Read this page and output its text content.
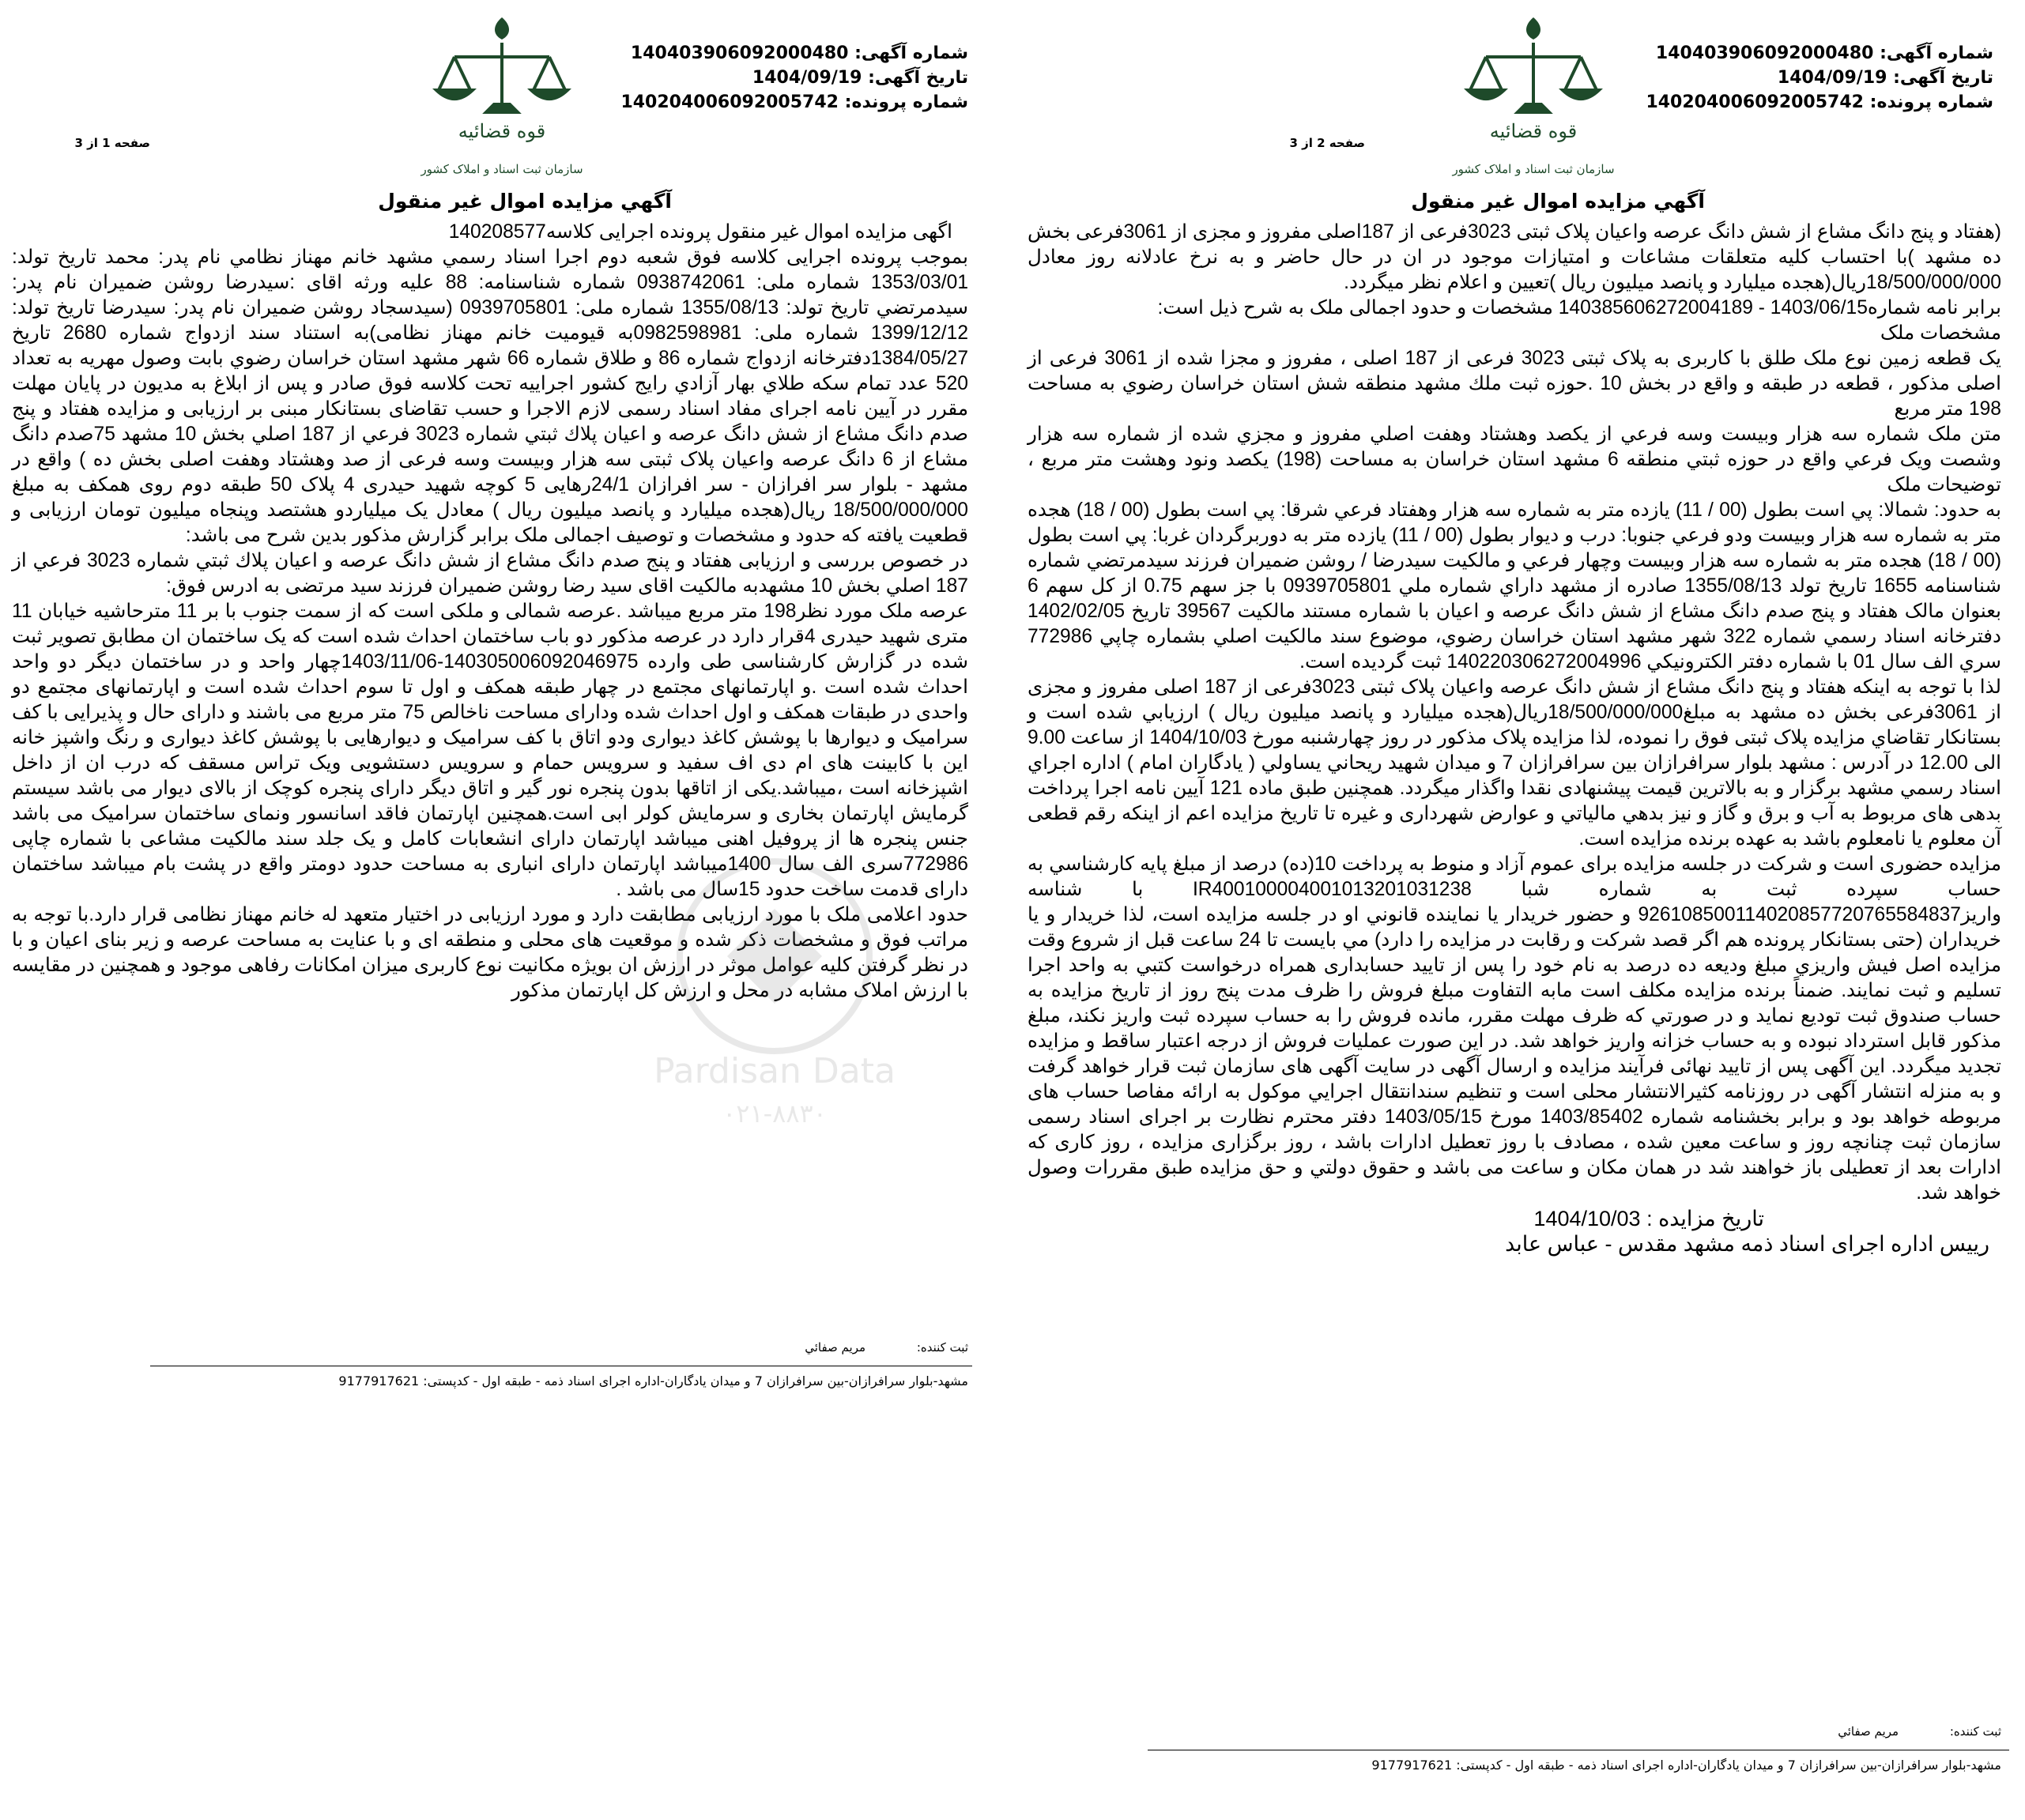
شماره آگهی: 140403906092000480
تاریخ آگهی: 1404/09/19
شماره پرونده: 140204006092005742
قوه قضائیه
سازمان ثبت اسناد و املاک کشور
صفحه 2 از 3
آگهي مزايده اموال غير منقول

(هفتاد و پنج دانگ مشاع از شش دانگ عرصه واعیان پلاک ثبتی 3023فرعی از 187اصلی مفروز و مجزی از 3061فرعی بخش ده مشهد )با احتساب کلیه متعلقات مشاعات و امتیازات موجود در ان در حال حاضر و به نرخ عادلانه روز معادل 18/500/000/000ریال(هجده میلیارد و پانصد میلیون ریال )تعیین و اعلام نظر میگردد.

برابر نامه شماره14038560627200418‎9 - 1403/06/15 مشخصات و حدود اجمالی ملک به شرح ذیل است:

مشخصات ملک

یک قطعه زمین نوع ملک طلق با کاربری به پلاک ثبتی 3023 فرعی از 187 اصلی ، مفروز و مجزا شده از 3061 فرعی از اصلی مذکور ، قطعه در طبقه و واقع در بخش 10 .حوزه ثبت ملك مشهد منطقه شش استان خراسان رضوي به مساحت 198 متر مربع

متن ملک شماره سه هزار وبیست وسه فرعي از يکصد وهشتاد وهفت اصلي مفروز و مجزي شده از شماره سه هزار وشصت ويک فرعي واقع در حوزه ثبتي منطقه 6 مشهد استان خراسان به مساحت (198) يکصد ونود وهشت متر مربع ، توضيحات ملک

به حدود: شمالا: پي است بطول (00 / 11) يازده متر به شماره سه هزار وهفتاد فرعي شرقا: پي است بطول (00 / 18) هجده متر به شماره سه هزار وبيست ودو فرعي جنوبا: درب و ديوار بطول (00 / 11) يازده متر به دوربرگردان غربا: پي است بطول (00 / 18) هجده متر به شماره سه هزار وبيست وچهار فرعي و مالکيت سيدرضا / روشن ضميران فرزند سيدمرتضي شماره شناسنامه 1655 تاريخ تولد 1355/08/13 صادره از مشهد داراي شماره ملي 0939705801 با جز سهم 0.75 از کل سهم 6 بعنوان مالک هفتاد و پنج صدم دانگ مشاع از شش دانگ عرصه و اعيان با شماره مستند مالکيت 39567 تاريخ 1402/02/05 دفترخانه اسناد رسمي شماره 322 شهر مشهد استان خراسان رضوي، موضوع سند مالکيت اصلي بشماره چاپي 772986 سري الف سال 01 با شماره دفتر الكترونيكي 140220306272004996 ثبت گرديده است.

لذا با توجه به اینکه هفتاد و پنج دانگ مشاع از شش دانگ عرصه واعیان پلاک ثبتی 3023فرعی از 187 اصلی مفروز و مجزی از 3061فرعی بخش ده مشهد به مبلغ18/500/000/000ریال(هجده میلیارد و پانصد میلیون ریال ) ارزیابي شده است و بستانكار تقاضاي مزايده پلاک ثبتی فوق را نموده، لذا مزايده پلاک مذکور در روز چهارشنبه مورخ 1404/10/03 از ساعت 9.00 الی 12.00 در آدرس : مشهد بلوار سرافرازان بين سرافرازان 7 و ميدان شهيد ريحاني يساولي ( يادگاران امام ) اداره اجراي اسناد رسمي مشهد برگزار و به بالاترين قيمت پيشنهادی نقدا واگذار ميگردد. همچنين طبق ماده 121 آيين نامه اجرا پرداخت بدهی های مربوط به آب و برق و گاز و نيز بدهي مالياتي و عوارض شهرداری و غيره تا تاريخ مزايده اعم از اينكه رقم قطعی آن معلوم يا نامعلوم باشد به عهده برنده مزايده است.

مزایده حضوری است و شرکت در جلسه مزایده برای عموم آزاد و منوط به پرداخت 10(ده) درصد از مبلغ پایه كارشناسي به حساب سپرده ثبت به شماره شبا IR400100004001013201031238 با شناسه واریز926108500114020857720765584837 و حضور خريدار يا نماينده قانوني او در جلسه مزايده است، لذا خريدار و يا خريداران (حتی بستانکار پرونده هم اگر قصد شرکت و رقابت در مزایده را دارد) مي بايست تا 24 ساعت قبل از شروع وقت مزايده اصل فيش واريزي مبلغ وديعه ده درصد به نام خود را پس از تاييد حسابداری همراه درخواست كتبي به واحد اجرا تسليم و ثبت نمايند. ضمناً برنده مزایده مکلف است مابه التفاوت مبلغ فروش را ظرف مدت پنج روز از تاریخ مزایده به حساب صندوق ثبت تودیع نماید و در صورتي كه ظرف مهلت مقرر، مانده فروش را به حساب سپرده ثبت واريز نكند، مبلغ مذكور قابل استرداد نبوده و به حساب خزانه واريز خواهد شد. در اين صورت عمليات فروش از درجه اعتبار ساقط و مزايده تجديد ميگردد. اين آگهی پس از تاييد نهائی فرآيند مزايده و ارسال آگهی در سايت آگهی های سازمان ثبت قرار خواهد گرفت و به منزله انتشار آگهی در روزنامه کثيرالانتشار محلی است و تنظيم سندانتقال اجرايي موكول به ارائه مفاصا حساب های مربوطه خواهد بود و برابر بخشنامه شماره 1403/85402 مورخ 1403/05/15 دفتر محترم نظارت بر اجرای اسناد رسمی سازمان ثبت چنانچه روز و ساعت معين شده ، مصادف با روز تعطيل ادارات باشد ، روز برگزاری مزايده ، روز كاری كه ادارات بعد از تعطيلی باز خواهند شد در همان مكان و ساعت می باشد و حقوق دولتي و حق مزايده طبق مقررات وصول خواهد شد.

تاریخ مزایده : 1404/10/03

رییس اداره اجرای اسناد ذمه مشهد مقدس - عباس عابد

ثبت کننده: مریم صفائي
مشهد-بلوار سرافرازان-بين سرافرازان 7 و ميدان يادگاران-اداره اجرای اسناد ذمه - طبقه اول - کدپستی: 9177917621
شماره آگهی: 140403906092000480
تاریخ آگهی: 1404/09/19
شماره پرونده: 140204006092005742
قوه قضائیه
سازمان ثبت اسناد و املاک کشور
صفحه 1 از 3
آگهي مزايده اموال غير منقول

اگهی مزایده اموال غیر منقول پرونده اجرایی کلاسه140208577

بموجب پرونده اجرایی کلاسه فوق شعبه دوم اجرا اسناد رسمي مشهد خانم مهناز نظامي نام پدر: محمد تاریخ تولد: 1353/03/01 شماره ملی: 0938742061 شماره شناسنامه: 88 علیه ورثه اقای :سیدرضا روشن ضمیران نام پدر: سیدمرتضي تاریخ تولد: 1355/08/13 شماره ملی: 0939705801 (سیدسجاد روشن ضمیران نام پدر: سیدرضا تاریخ تولد: 1399/12/12 شماره ملی: 0982598981به قیومیت خانم مهناز نظامی)به استناد سند ازدواج شماره 2680 تاریخ 1384/05/27دفترخانه ازدواج شماره 86 و طلاق شماره 66 شهر مشهد استان خراسان رضوي بابت وصول مهریه به تعداد 520 عدد تمام سکه طلاي بهار آزادي رایج کشور اجراییه تحت کلاسه فوق صادر و پس از ابلاغ به مدیون در پایان مهلت مقرر در آیین نامه اجرای مفاد اسناد رسمی لازم الاجرا و حسب تقاضای بستانکار مبنی بر ارزیابی و مزایده هفتاد و پنج صدم دانگ مشاع از شش دانگ عرصه و اعیان پلاك ثبتي شماره 3023 فرعي از 187 اصلي بخش 10 مشهد 75صدم دانگ مشاع از 6 دانگ عرصه واعیان پلاک ثبتی سه هزار وبیست وسه فرعی از صد وهشتاد وهفت اصلی بخش ده ) واقع در مشهد - بلوار سر افرازان - سر افرازان 24/1رهایی 5 کوچه شهید حیدری 4 پلاک 50 طبقه دوم روی همکف به مبلغ 18/500/000/000 ریال(هجده میلیارد و پانصد میلیون ریال ) معادل یک میلیاردو هشتصد وپنجاه میلیون تومان ارزیابی و قطعیت یافته که حدود و مشخصات و توصیف اجمالی ملک برابر گزارش مذکور بدین شرح می باشد:

در خصوص بررسی و ارزیابی هفتاد و پنج صدم دانگ مشاع از شش دانگ عرصه و اعیان پلاك ثبتي شماره 3023 فرعي از 187 اصلي بخش 10 مشهدبه مالکیت اقای سید رضا روشن ضمیران فرزند سید مرتضی به ادرس فوق:

عرصه ملک مورد نظر198 متر مربع میباشد .عرصه شمالی و ملکی است که از سمت جنوب با بر 11 مترحاشیه خیابان 11 متری شهید حیدری 4قرار دارد در عرصه مذکور دو باب ساختمان احداث شده است که یک ساختمان ان مطابق تصویر ثبت شده در گزارش کارشناسی طی وارده 140305006092046975-1403/11/06چهار واحد و در ساختمان دیگر دو واحد احداث شده است .و اپارتمانهای مجتمع در چهار طبقه همکف و اول تا سوم احداث شده است و اپارتمانهای مجتمع دو واحدی در طبقات همکف و اول احداث شده ودارای مساحت ناخالص 75 متر مربع می باشند و دارای حال و پذیرایی با کف سرامیک و دیوارها با پوشش کاغذ دیواری ودو اتاق با کف سرامیک و دیوارهایی با پوشش کاغذ دیواری و رنگ واشپز خانه این با کابینت های ام دی اف سفید و سرویس حمام و سرویس دستشویی ویک تراس مسقف که درب ان از داخل اشپزخانه است ،میباشد.یکی از اتاقها بدون پنجره نور گیر و اتاق دیگر دارای پنجره کوچک از بالای دیوار می باشد سیستم گرمایش اپارتمان بخاری و سرمایش کولر ابی است.همچنین اپارتمان فاقد اسانسور ونمای ساختمان سرامیک می باشد جنس پنجره ها از پروفیل اهنی میباشد اپارتمان دارای انشعابات کامل و یک جلد سند مالکیت مشاعی با شماره چاپی 772986سری الف سال 1400میباشد اپارتمان دارای انباری به مساحت حدود دومتر واقع در پشت بام میباشد ساختمان دارای قدمت ساخت حدود 15سال می باشد .

حدود اعلامی ملک با مورد ارزیابی مطابقت دارد و مورد ارزیابی در اختیار متعهد له خانم مهناز نظامی قرار دارد.با توجه به مراتب فوق و مشخصات ذکر شده و موقعیت های محلی و منطقه ای و با عنایت به مساحت عرصه و زیر بنای اعیان و با در نظر گرفتن کلیه عوامل موثر در ارزش ان بویژه مکانیت نوع کاربری میزان امکانات رفاهی موجود و همچنین در مقایسه با ارزش املاک مشابه در محل و ارزش کل اپارتمان مذکور

ثبت کننده: مریم صفائي
مشهد-بلوار سرافرازان-بين سرافرازان 7 و ميدان يادگاران-اداره اجرای اسناد ذمه - طبقه اول - کدپستی: 9177917621
Pardisan Data
۰۲۱-۸۸۳۰
